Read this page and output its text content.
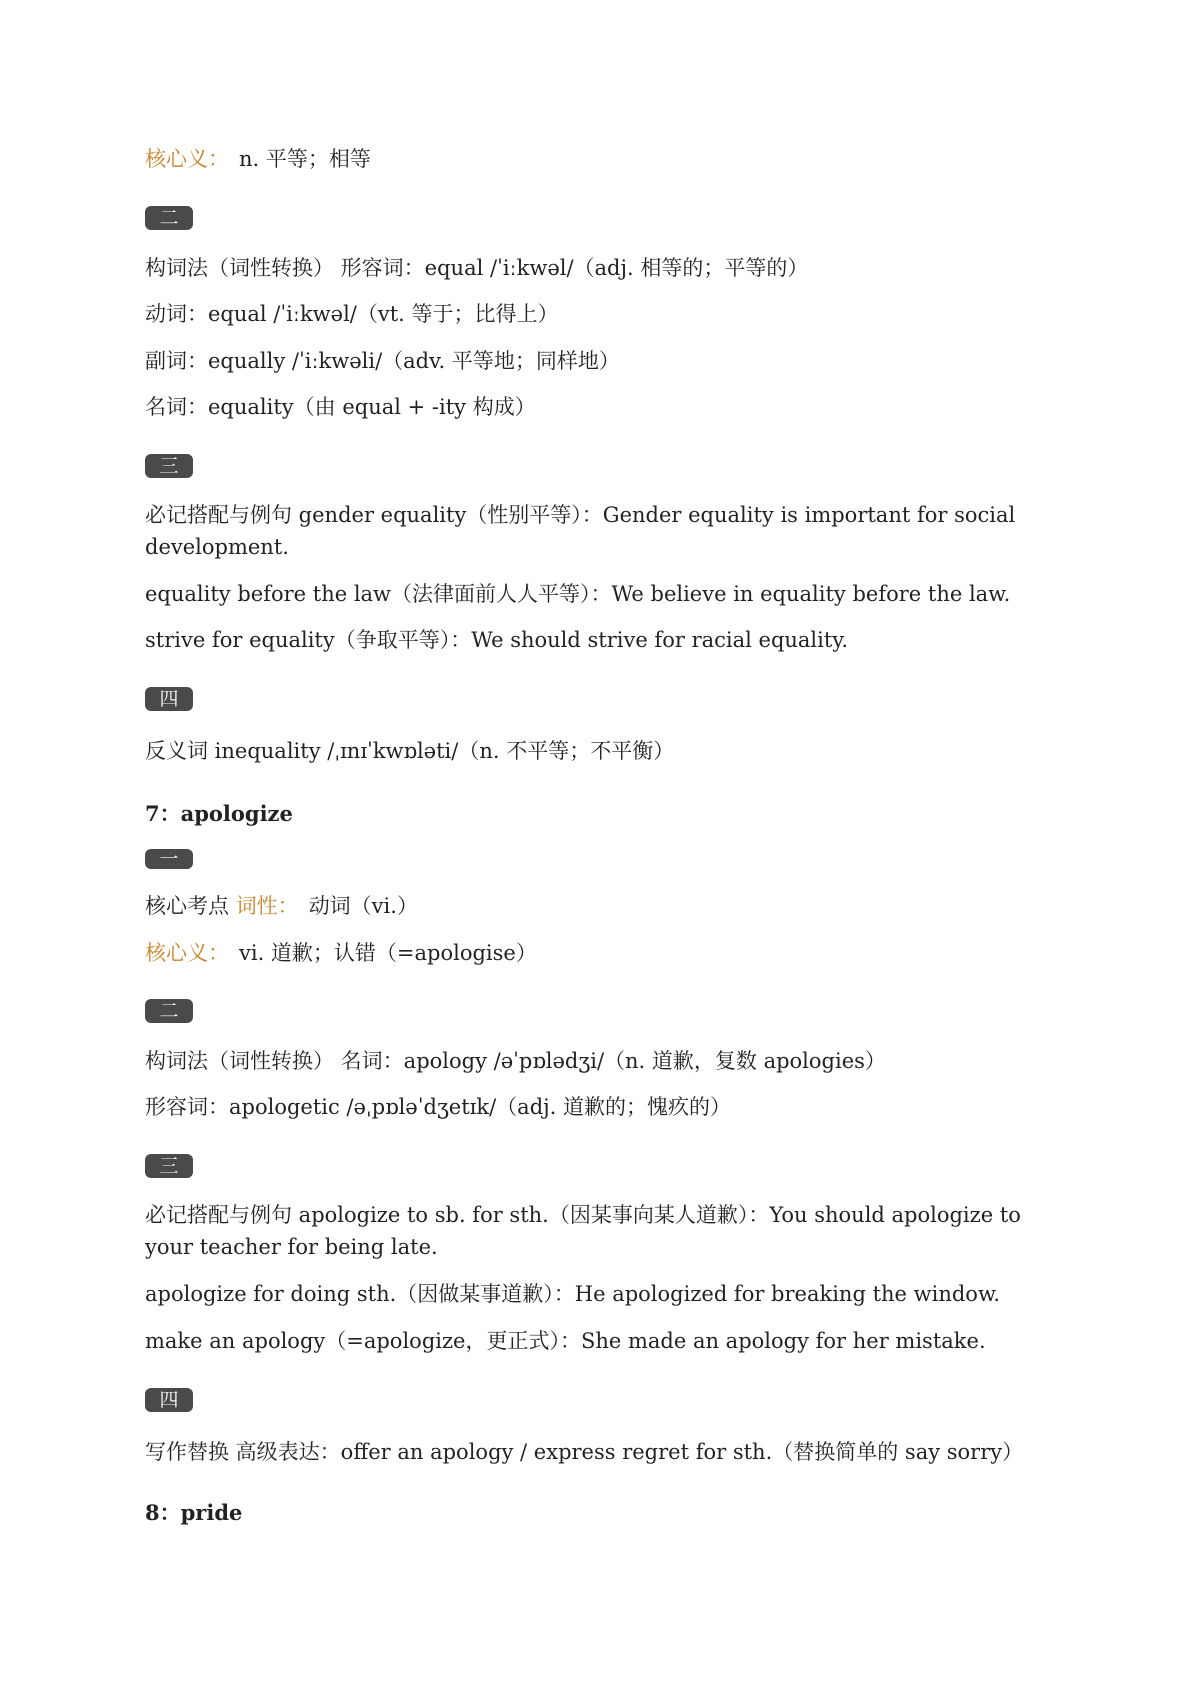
核心义： n. 平等；相等
二
构词法（词性转换） 形容词：equal /ˈiːkwəl/（adj. 相等的；平等的）
动词：equal /ˈiːkwəl/（vt. 等于；比得上）
副词：equally /ˈiːkwəli/（adv. 平等地；同样地）
名词：equality（由 equal + -ity 构成）
三
必记搭配与例句 gender equality（性别平等）：Gender equality is important for social development.
equality before the law（法律面前人人平等）：We believe in equality before the law.
strive for equality（争取平等）：We should strive for racial equality.
四
反义词 inequality /ˌɪnɪˈkwɒləti/（n. 不平等；不平衡）
7：apologize
一
核心考点 词性： 动词（vi.）
核心义： vi. 道歉；认错（=apologise）
二
构词法（词性转换） 名词：apology /əˈpɒlədʒi/（n. 道歉，复数 apologies）
形容词：apologetic /əˌpɒləˈdʒetɪk/（adj. 道歉的；愧疚的）
三
必记搭配与例句 apologize to sb. for sth.（因某事向某人道歉）：You should apologize to your teacher for being late.
apologize for doing sth.（因做某事道歉）：He apologized for breaking the window.
make an apology（=apologize，更正式）：She made an apology for her mistake.
四
写作替换 高级表达：offer an apology / express regret for sth.（替换简单的 say sorry）
8：pride
